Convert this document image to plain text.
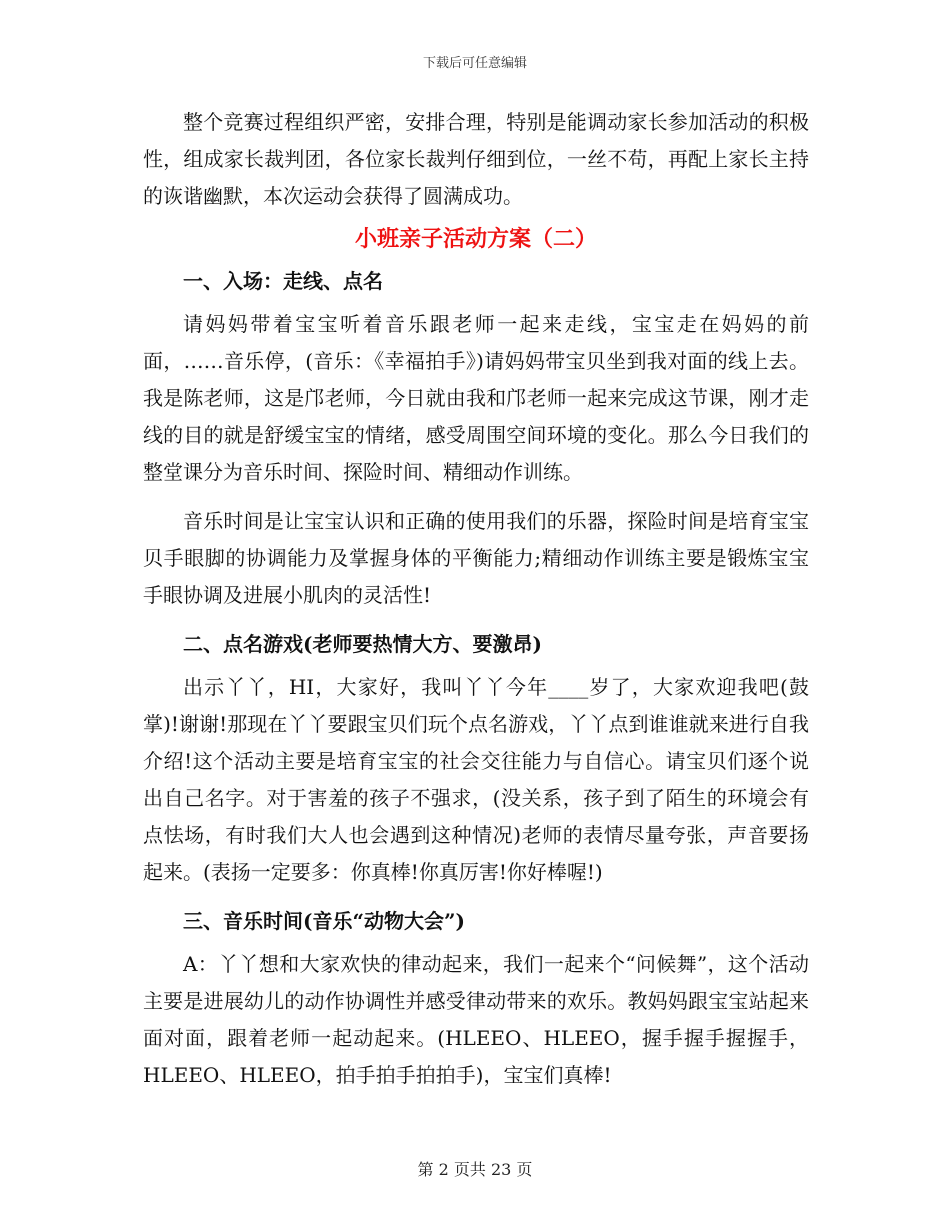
下载后可任意编辑

整个竞赛过程组织严密，安排合理，特别是能调动家长参加活动的积极性，组成家长裁判团，各位家长裁判仔细到位，一丝不苟，再配上家长主持的诙谐幽默，本次运动会获得了圆满成功。

小班亲子活动方案（二）
一、入场：走线、点名

请妈妈带着宝宝听着音乐跟老师一起来走线，宝宝走在妈妈的前面，……音乐停，(音乐：《幸福拍手》)请妈妈带宝贝坐到我对面的线上去。我是陈老师，这是邝老师，今日就由我和邝老师一起来完成这节课，刚才走线的目的就是舒缓宝宝的情绪，感受周围空间环境的变化。那么今日我们的整堂课分为音乐时间、探险时间、精细动作训练。

音乐时间是让宝宝认识和正确的使用我们的乐器，探险时间是培育宝宝贝手眼脚的协调能力及掌握身体的平衡能力;精细动作训练主要是锻炼宝宝手眼协调及进展小肌肉的灵活性!

二、点名游戏(老师要热情大方、要激昂)

出示丫丫，HI，大家好，我叫丫丫今年____岁了，大家欢迎我吧(鼓掌)!谢谢!那现在丫丫要跟宝贝们玩个点名游戏，丫丫点到谁谁就来进行自我介绍!这个活动主要是培育宝宝的社会交往能力与自信心。请宝贝们逐个说出自己名字。对于害羞的孩子不强求，(没关系，孩子到了陌生的环境会有点怯场，有时我们大人也会遇到这种情况)老师的表情尽量夸张，声音要扬起来。(表扬一定要多：你真棒!你真厉害!你好棒喔!)

三、音乐时间(音乐“动物大会”)

A：丫丫想和大家欢快的律动起来，我们一起来个“问候舞”，这个活动主要是进展幼儿的动作协调性并感受律动带来的欢乐。教妈妈跟宝宝站起来面对面，跟着老师一起动起来。(HLEEO、HLEEO，握手握手握握手，HLEEO、HLEEO，拍手拍手拍拍手)，宝宝们真棒!

第 2 页共 23 页
